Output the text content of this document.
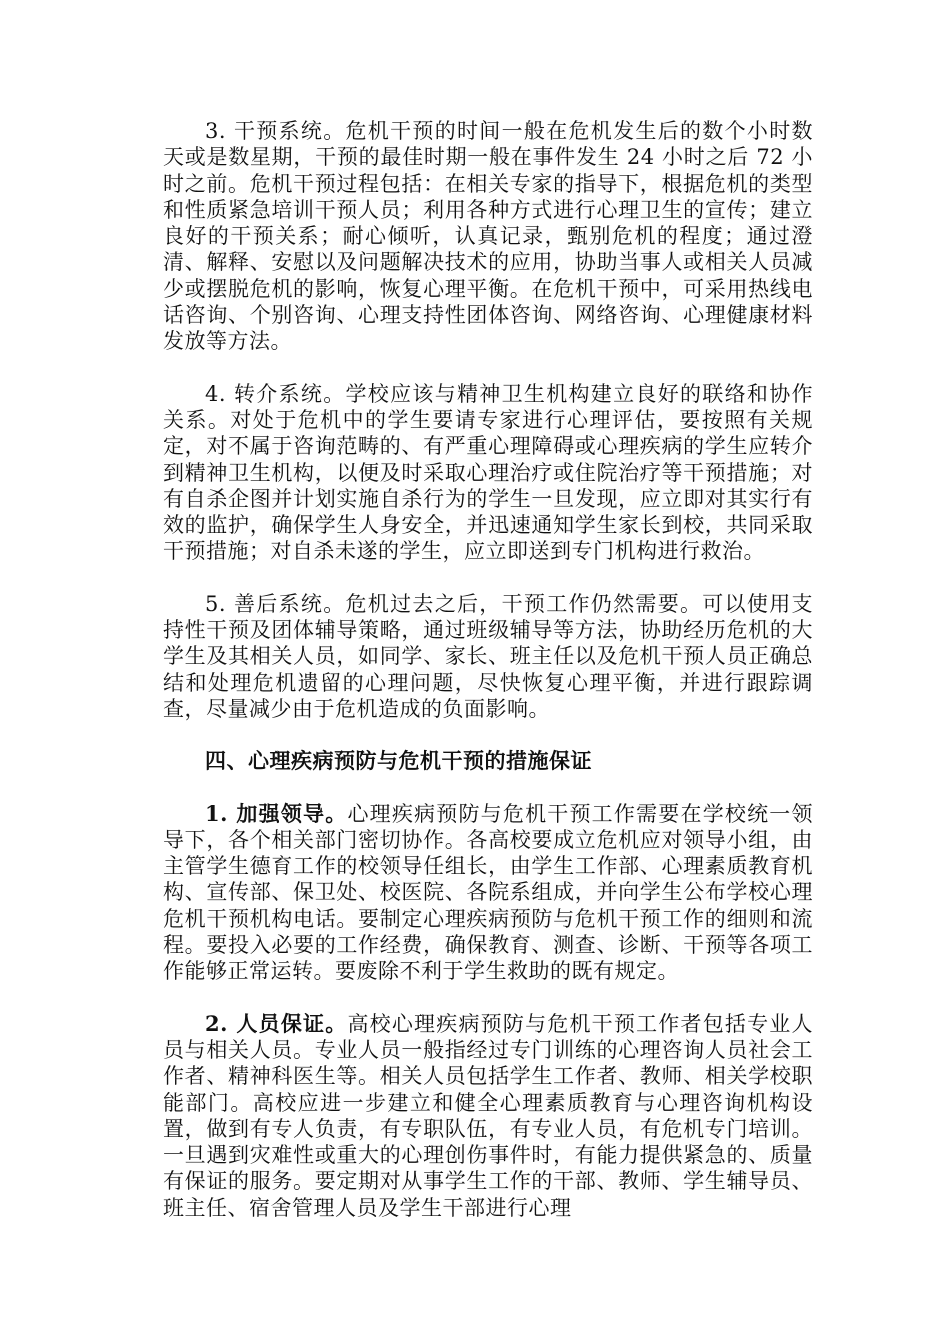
3. 干预系统。危机干预的时间一般在危机发生后的数个小时数天或是数星期，干预的最佳时期一般在事件发生 24 小时之后 72 小时之前。危机干预过程包括：在相关专家的指导下，根据危机的类型和性质紧急培训干预人员；利用各种方式进行心理卫生的宣传；建立良好的干预关系；耐心倾听，认真记录，甄别危机的程度；通过澄清、解释、安慰以及问题解决技术的应用，协助当事人或相关人员减少或摆脱危机的影响，恢复心理平衡。在危机干预中，可采用热线电话咨询、个别咨询、心理支持性团体咨询、网络咨询、心理健康材料发放等方法。

4. 转介系统。学校应该与精神卫生机构建立良好的联络和协作关系。对处于危机中的学生要请专家进行心理评估，要按照有关规定，对不属于咨询范畴的、有严重心理障碍或心理疾病的学生应转介到精神卫生机构，以便及时采取心理治疗或住院治疗等干预措施；对有自杀企图并计划实施自杀行为的学生一旦发现，应立即对其实行有效的监护，确保学生人身安全，并迅速通知学生家长到校，共同采取干预措施；对自杀未遂的学生，应立即送到专门机构进行救治。

5. 善后系统。危机过去之后，干预工作仍然需要。可以使用支持性干预及团体辅导策略，通过班级辅导等方法，协助经历危机的大学生及其相关人员，如同学、家长、班主任以及危机干预人员正确总结和处理危机遗留的心理问题，尽快恢复心理平衡，并进行跟踪调查，尽量减少由于危机造成的负面影响。

四、心理疾病预防与危机干预的措施保证

1. 加强领导。心理疾病预防与危机干预工作需要在学校统一领导下，各个相关部门密切协作。各高校要成立危机应对领导小组，由主管学生德育工作的校领导任组长，由学生工作部、心理素质教育机构、宣传部、保卫处、校医院、各院系组成，并向学生公布学校心理危机干预机构电话。要制定心理疾病预防与危机干预工作的细则和流程。要投入必要的工作经费，确保教育、测查、诊断、干预等各项工作能够正常运转。要废除不利于学生救助的既有规定。

2. 人员保证。高校心理疾病预防与危机干预工作者包括专业人员与相关人员。专业人员一般指经过专门训练的心理咨询人员社会工作者、精神科医生等。相关人员包括学生工作者、教师、相关学校职能部门。高校应进一步建立和健全心理素质教育与心理咨询机构设置，做到有专人负责，有专职队伍，有专业人员，有危机专门培训。一旦遇到灾难性或重大的心理创伤事件时，有能力提供紧急的、质量有保证的服务。要定期对从事学生工作的干部、教师、学生辅导员、班主任、宿舍管理人员及学生干部进行心理
